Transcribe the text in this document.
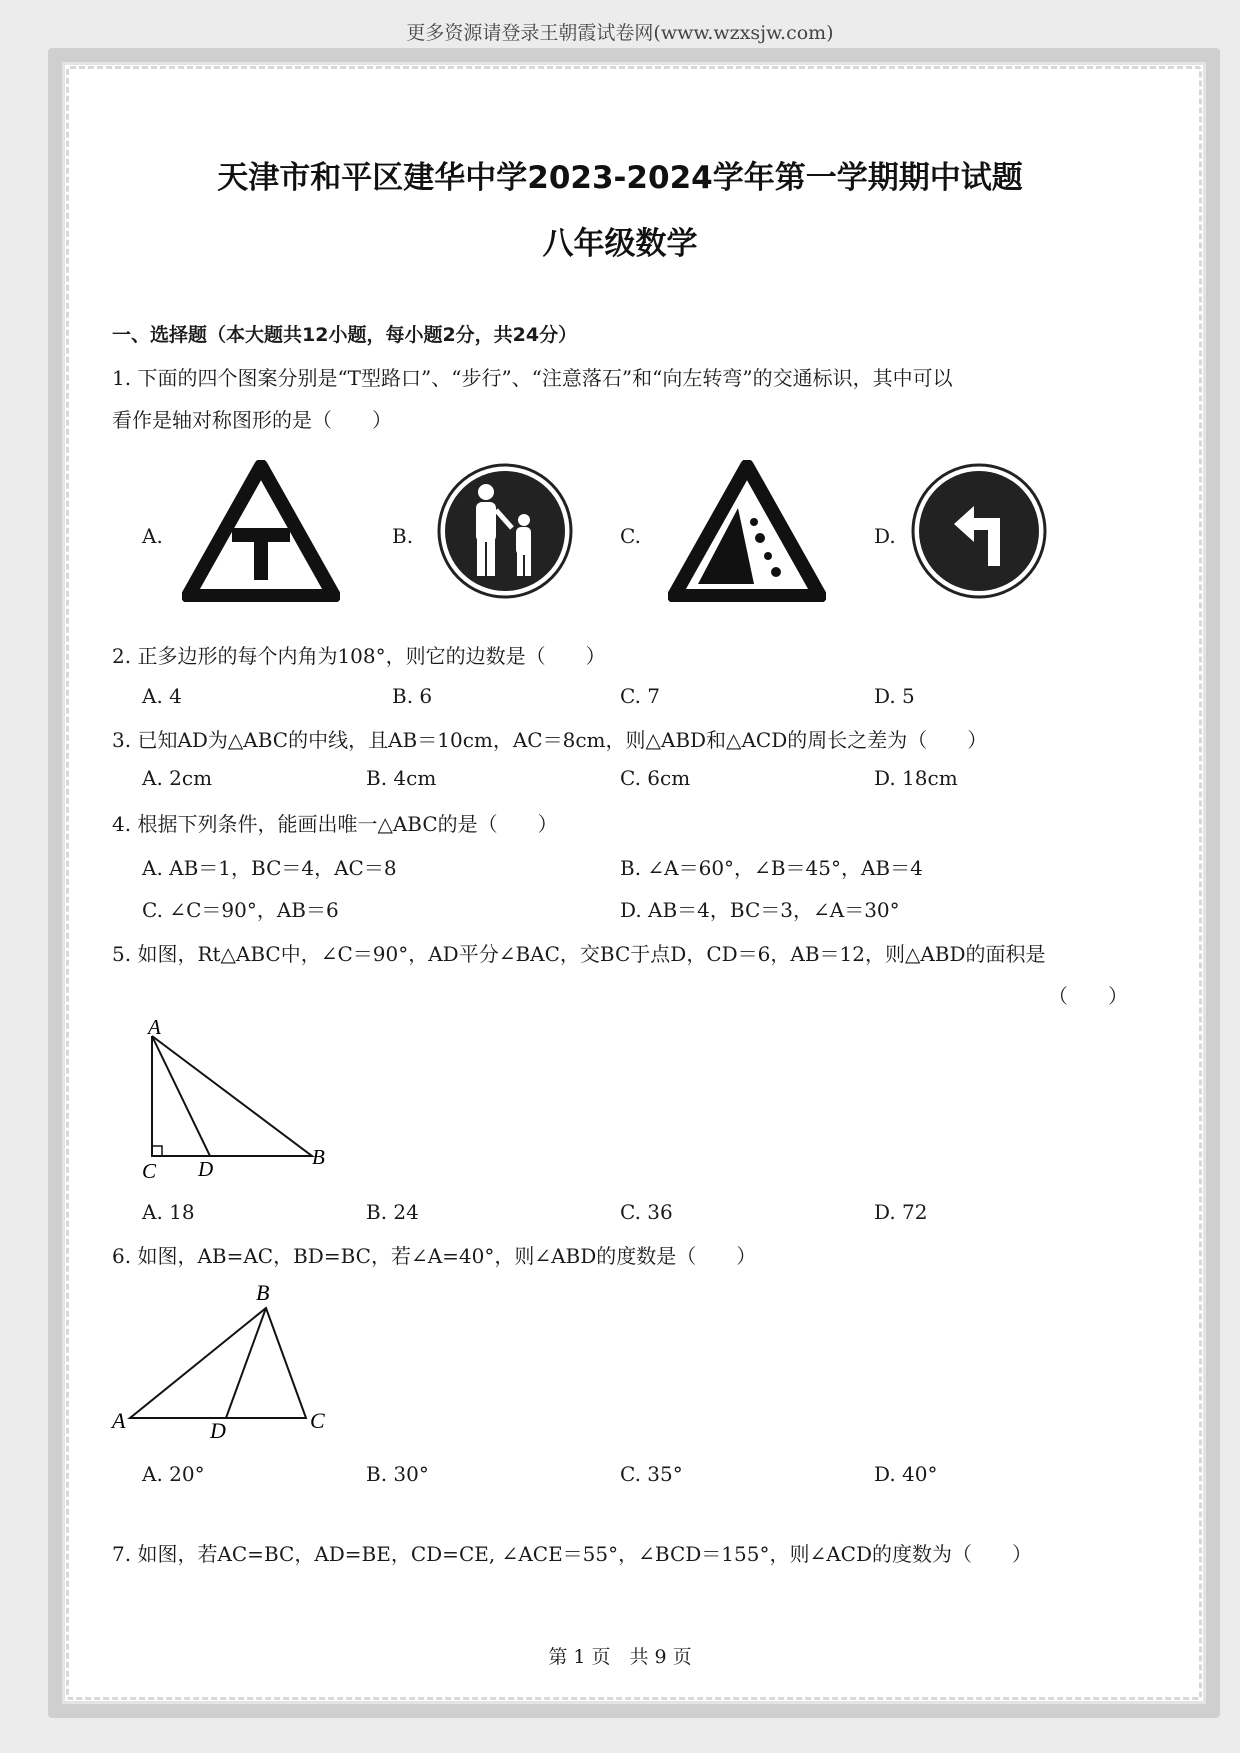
更多资源请登录王朝霞试卷网(www.wzxsjw.com)
天津市和平区建华中学2023-2024学年第一学期期中试题
八年级数学
一、选择题（本大题共12小题，每小题2分，共24分）
1. 下面的四个图案分别是“T型路口”、“步行”、“注意落石”和“向左转弯”的交通标识，其中可以
看作是轴对称图形的是（　　）
A.	B.	C.	D.
2. 正多边形的每个内角为108°，则它的边数是（　　）
A. 4	B. 6	C. 7	D. 5
3. 已知AD为△ABC的中线，且AB＝10cm，AC＝8cm，则△ABD和△ACD的周长之差为（　　）
A. 2cm	B. 4cm	C. 6cm	D. 18cm
4. 根据下列条件，能画出唯一△ABC的是（　　）
A. AB＝1，BC＝4，AC＝8	B. ∠A＝60°，∠B＝45°，AB＝4
C. ∠C＝90°，AB＝6	D. AB＝4，BC＝3，∠A＝30°
5. 如图，Rt△ABC中，∠C＝90°，AD平分∠BAC，交BC于点D，CD＝6，AB＝12，则△ABD的面积是
（　　）
A
B
C D
A. 18	B. 24	C. 36	D. 72
6. 如图，AB=AC，BD=BC，若∠A=40°，则∠ABD的度数是（　　）
B
A	C
D
A. 20°	B. 30°	C. 35°	D. 40°
7. 如图，若AC=BC，AD=BE，CD=CE, ∠ACE＝55°，∠BCD＝155°，则∠ACD的度数为（　　）
第 1 页　共 9 页
